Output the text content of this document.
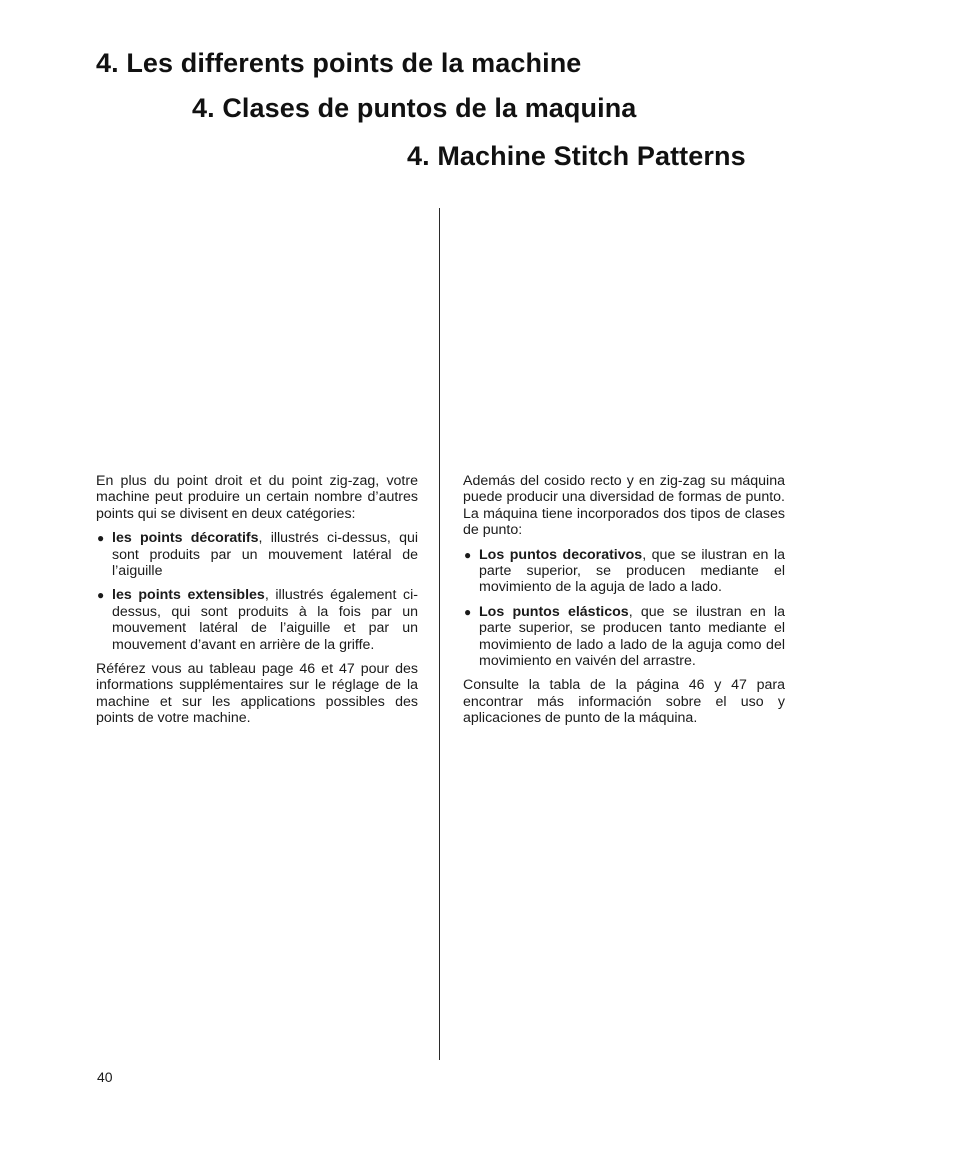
4. Les differents points de la machine
4. Clases de puntos de la maquina
4. Machine Stitch Patterns

En plus du point droit et du point zig-zag, votre machine peut produire un certain nombre d’autres points qui se divisent en deux catégories:

● les points décoratifs, illustrés ci-dessus, qui sont produits par un mouvement latéral de l’aiguille
● les points extensibles, illustrés également ci-dessus, qui sont produits à la fois par un mouvement latéral de l’aiguille et par un mouvement d’avant en arrière de la griffe.

Référez vous au tableau page 46 et 47 pour des informations supplémentaires sur le réglage de la machine et sur les applications possibles des points de votre machine.

Además del cosido recto y en zig-zag su máquina puede producir una diversidad de formas de punto. La máquina tiene incorporados dos tipos de clases de punto:

● Los puntos decorativos, que se ilustran en la parte superior, se producen mediante el movimiento de la aguja de lado a lado.
● Los puntos elásticos, que se ilustran en la parte superior, se producen tanto mediante el movimiento de lado a lado de la aguja como del movimiento en vaivén del arrastre.

Consulte la tabla de la página 46 y 47 para encontrar más información sobre el uso y aplicaciones de punto de la máquina.

40
